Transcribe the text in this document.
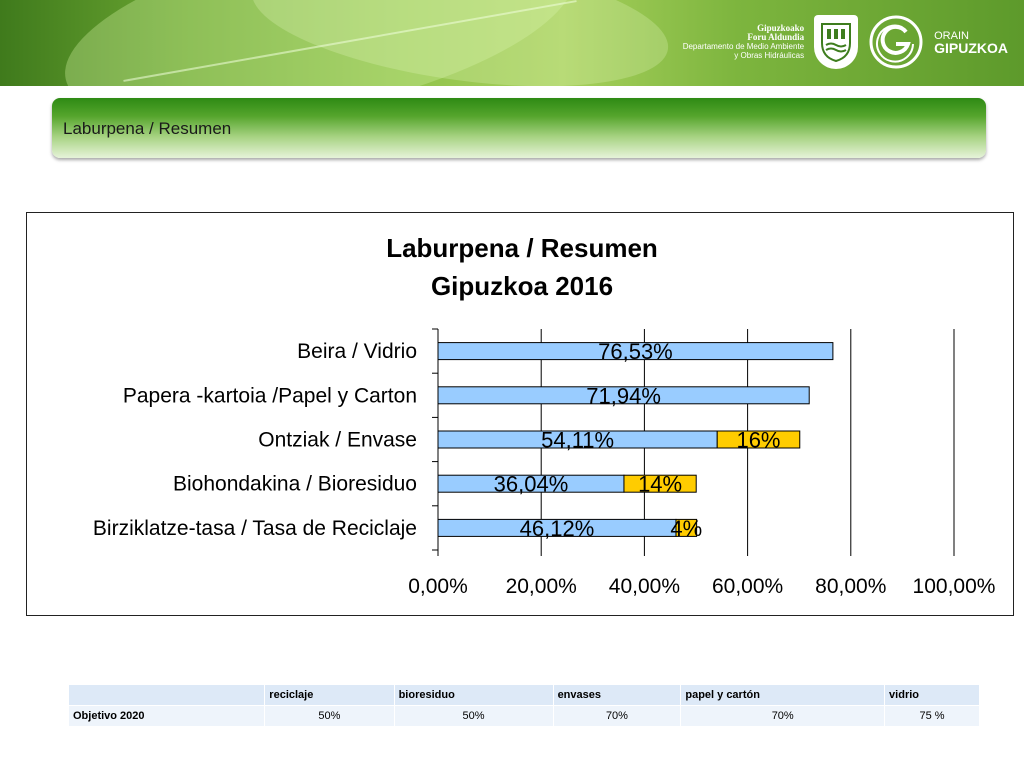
Gipuzkoako
Foru Aldundia
Departamento de Medio Ambiente
y Obras Hidráulicas
ORAIN
GIPUZKOA
Laburpena / Resumen
Laburpena / Resumen
Gipuzkoa 2016
0,00% 20,00% 40,00% 60,00% 80,00% 100,00%
Beira / Vidrio	76,53%
Papera -kartoia /Papel y Carton	71,94%
Ontziak / Envase	54,11%	16%
Biohondakina / Bioresiduo	36,04%	14%
Birziklatze-tasa / Tasa de Reciclaje	46,12%	4%
	reciclaje	bioresiduo	envases	papel y cartón	vidrio
Objetivo 2020	50%	50%	70%	70%	75 %
